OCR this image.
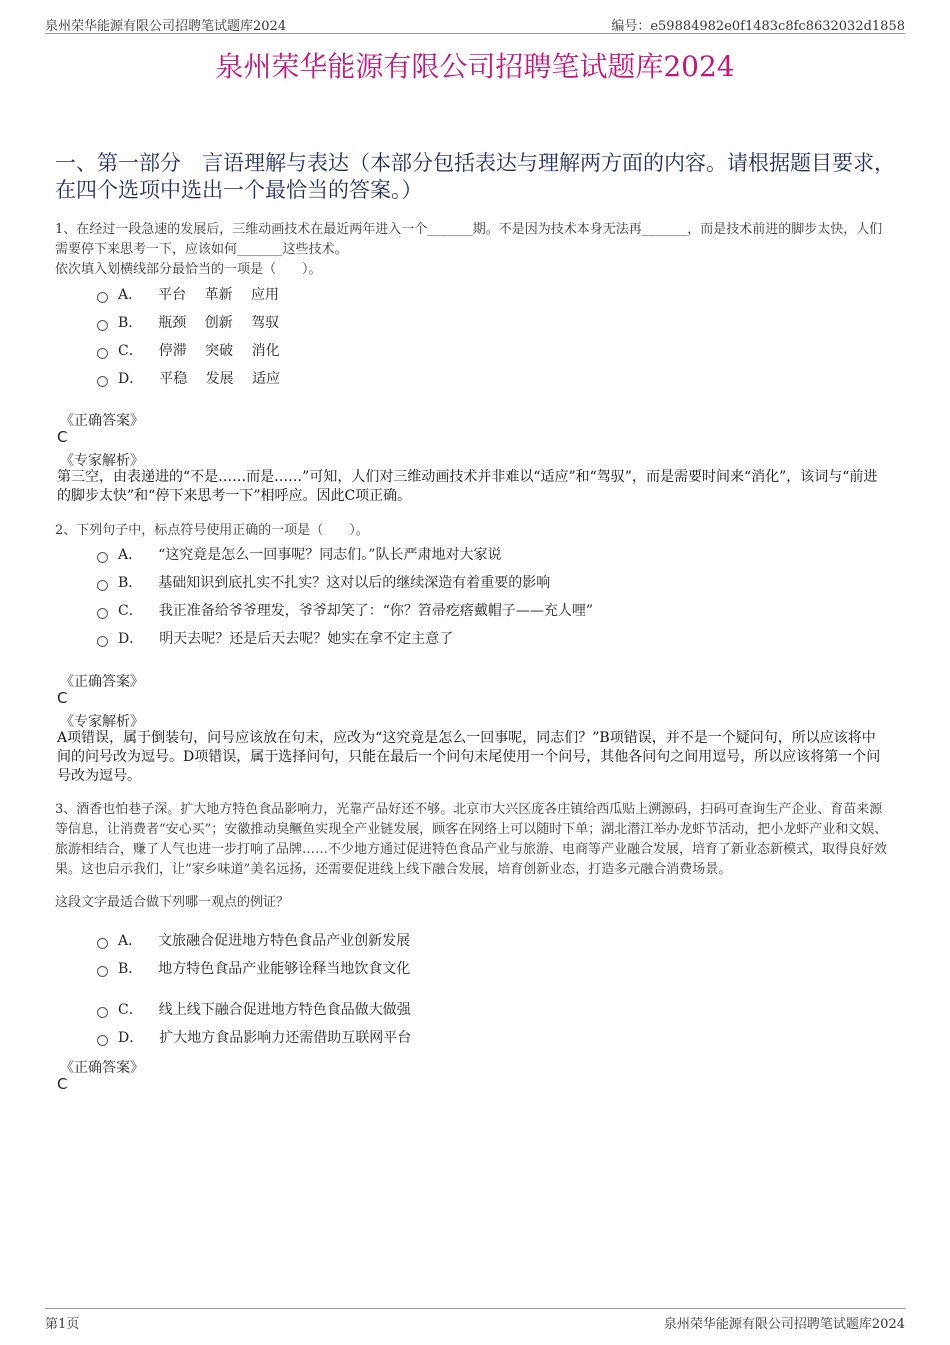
泉州荣华能源有限公司招聘笔试题库2024	编号：e59884982e0f1483c8fc8632032d1858
泉州荣华能源有限公司招聘笔试题库2024
一、第一部分　言语理解与表达（本部分包括表达与理解两方面的内容。请根据题目要求，在四个选项中选出一个最恰当的答案。）
1、在经过一段急速的发展后，三维动画技术在最近两年进入一个_______期。不是因为技术本身无法再_______，而是技术前进的脚步太快，人们需要停下来思考一下，应该如何_______这些技术。
依次填入划横线部分最恰当的一项是（　　）。
A． 平台　 革新　 应用
B． 瓶颈　 创新　 驾驭
C． 停滞　 突破　 消化
D． 平稳　 发展　 适应
《正确答案》
C
《专家解析》
第三空，由表递进的“不是……而是……”可知，人们对三维动画技术并非难以“适应”和“驾驭”，而是需要时间来“消化”，该词与“前进的脚步太快”和“停下来思考一下”相呼应。因此C项正确。
2、下列句子中，标点符号使用正确的一项是（　　）。
A． “这究竟是怎么一回事呢？同志们。”队长严肃地对大家说
B． 基础知识到底扎实不扎实？这对以后的继续深造有着重要的影响
C． 我正准备给爷爷理发，爷爷却笑了：“你？笤帚疙瘩戴帽子——充人哩”
D． 明天去呢？还是后天去呢？她实在拿不定主意了
《正确答案》
C
《专家解析》
A项错误，属于倒装句，问号应该放在句末，应改为“这究竟是怎么一回事呢，同志们？”B项错误，并不是一个疑问句，所以应该将中间的问号改为逗号。D项错误，属于选择问句，只能在最后一个问句末尾使用一个问号，其他各问句之间用逗号，所以应该将第一个问号改为逗号。
3、酒香也怕巷子深。扩大地方特色食品影响力，光靠产品好还不够。北京市大兴区庞各庄镇给西瓜贴上溯源码，扫码可查询生产企业、育苗来源等信息，让消费者“安心买”；安徽推动臭鳜鱼实现全产业链发展，顾客在网络上可以随时下单；湖北潜江举办龙虾节活动，把小龙虾产业和文娱、旅游相结合，赚了人气也进一步打响了品牌……不少地方通过促进特色食品产业与旅游、电商等产业融合发展，培育了新业态新模式，取得良好效果。这也启示我们，让“家乡味道”美名远扬，还需要促进线上线下融合发展，培育创新业态，打造多元融合消费场景。
这段文字最适合做下列哪一观点的例证？
A． 文旅融合促进地方特色食品产业创新发展
B． 地方特色食品产业能够诠释当地饮食文化
C． 线上线下融合促进地方特色食品做大做强
D． 扩大地方食品影响力还需借助互联网平台
《正确答案》
C
第1页	泉州荣华能源有限公司招聘笔试题库2024
